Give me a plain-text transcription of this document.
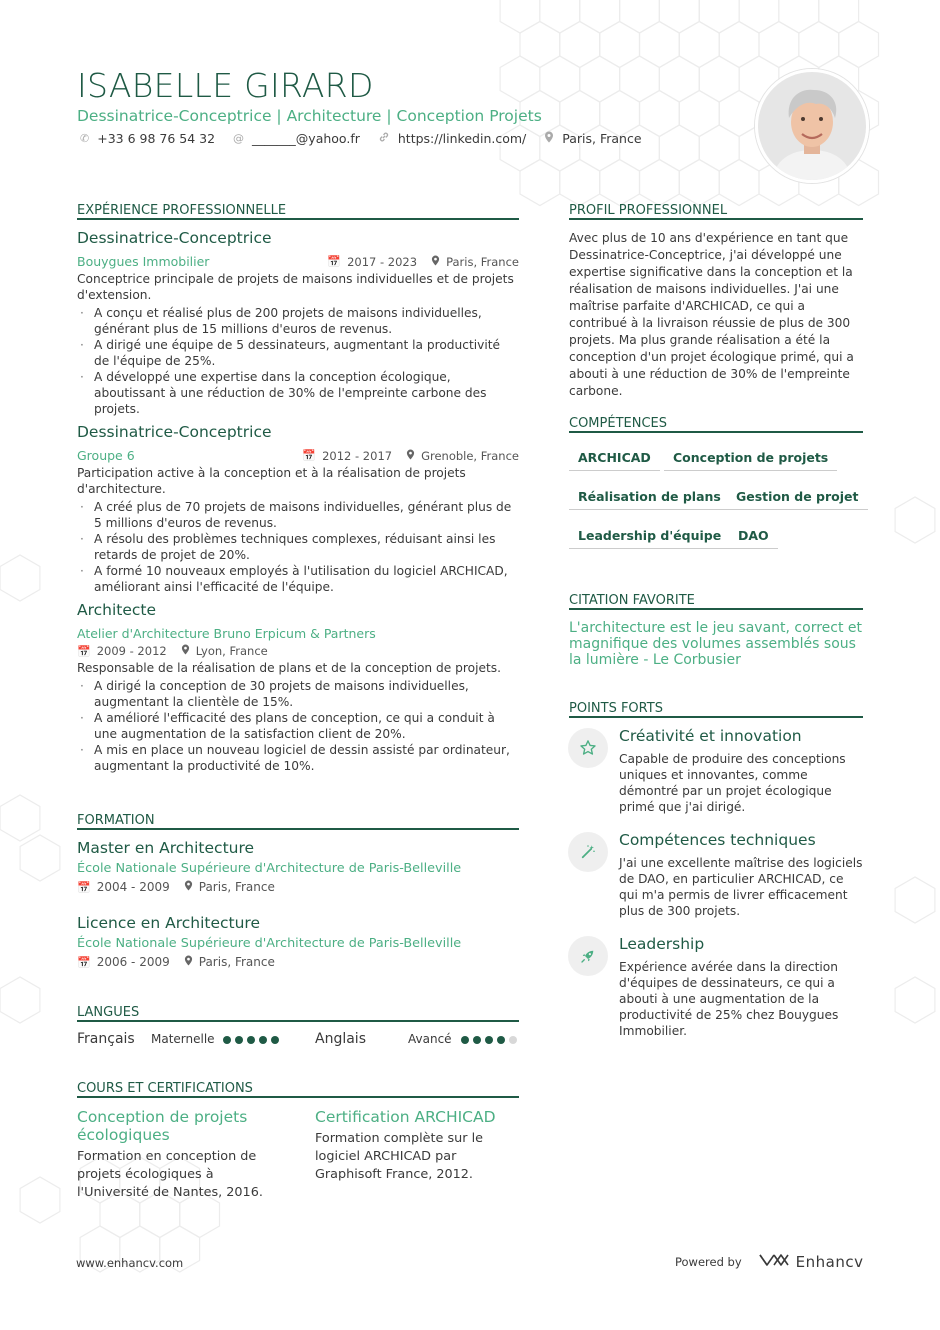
ISABELLE GIRARD
Dessinatrice-Conceptrice | Architecture | Conception Projets
✆ +33 6 98 76 54 32 @ _______@yahoo.fr	https://linkedin.com/	Paris, France
EXPÉRIENCE PROFESSIONNELLE
Dessinatrice-Conceptrice
Bouygues Immobilier	📅 2017 - 2023	Paris, France
Conceptrice principale de projets de maisons individuelles et de projets d'extension.
· A conçu et réalisé plus de 200 projets de maisons individuelles, générant plus de 15 millions d'euros de revenus.
· A dirigé une équipe de 5 dessinateurs, augmentant la productivité de l'équipe de 25%.
· A développé une expertise dans la conception écologique, aboutissant à une réduction de 30% de l'empreinte carbone des projets.
Dessinatrice-Conceptrice
Groupe 6	📅 2012 - 2017	Grenoble, France
Participation active à la conception et à la réalisation de projets d'architecture.
· A créé plus de 70 projets de maisons individuelles, générant plus de 5 millions d'euros de revenus.
· A résolu des problèmes techniques complexes, réduisant ainsi les retards de projet de 20%.
· A formé 10 nouveaux employés à l'utilisation du logiciel ARCHICAD, améliorant ainsi l'efficacité de l'équipe.
Architecte
Atelier d'Architecture Bruno Erpicum & Partners
📅 2009 - 2012	Lyon, France
Responsable de la réalisation de plans et de la conception de projets.
· A dirigé la conception de 30 projets de maisons individuelles, augmentant la clientèle de 15%.
· A amélioré l'efficacité des plans de conception, ce qui a conduit à une augmentation de la satisfaction client de 20%.
· A mis en place un nouveau logiciel de dessin assisté par ordinateur, augmentant la productivité de 10%.
FORMATION
Master en Architecture
École Nationale Supérieure d'Architecture de Paris-Belleville
📅 2004 - 2009 Paris, France
Licence en Architecture
École Nationale Supérieure d'Architecture de Paris-Belleville
📅 2006 - 2009 Paris, France
LANGUES
Français Maternelle	Anglais	Avancé
COURS ET CERTIFICATIONS
Conception de projets écologiques
Formation en conception de projets écologiques à l'Université de Nantes, 2016.
Certification ARCHICAD
Formation complète sur le logiciel ARCHICAD par Graphisoft France, 2012.
PROFIL PROFESSIONNEL
Avec plus de 10 ans d'expérience en tant que Dessinatrice-Conceptrice, j'ai développé une expertise significative dans la conception et la réalisation de maisons individuelles. J'ai une maîtrise parfaite d'ARCHICAD, ce qui a contribué à la livraison réussie de plus de 300 projets. Ma plus grande réalisation a été la conception d'un projet écologique primé, qui a abouti à une réduction de 30% de l'empreinte carbone.
COMPÉTENCES
ARCHICAD	Conception de projets
Réalisation de plans	Gestion de projet
Leadership d'équipe	DAO
CITATION FAVORITE
L'architecture est le jeu savant, correct et magnifique des volumes assemblés sous la lumière - Le Corbusier
POINTS FORTS
Créativité et innovation
Capable de produire des conceptions uniques et innovantes, comme démontré par un projet écologique primé que j'ai dirigé.
Compétences techniques
J'ai une excellente maîtrise des logiciels de DAO, en particulier ARCHICAD, ce qui m'a permis de livrer efficacement plus de 300 projets.
Leadership
Expérience avérée dans la direction d'équipes de dessinateurs, ce qui a abouti à une augmentation de la productivité de 25% chez Bouygues Immobilier.
www.enhancv.com	Powered by	Enhancv
